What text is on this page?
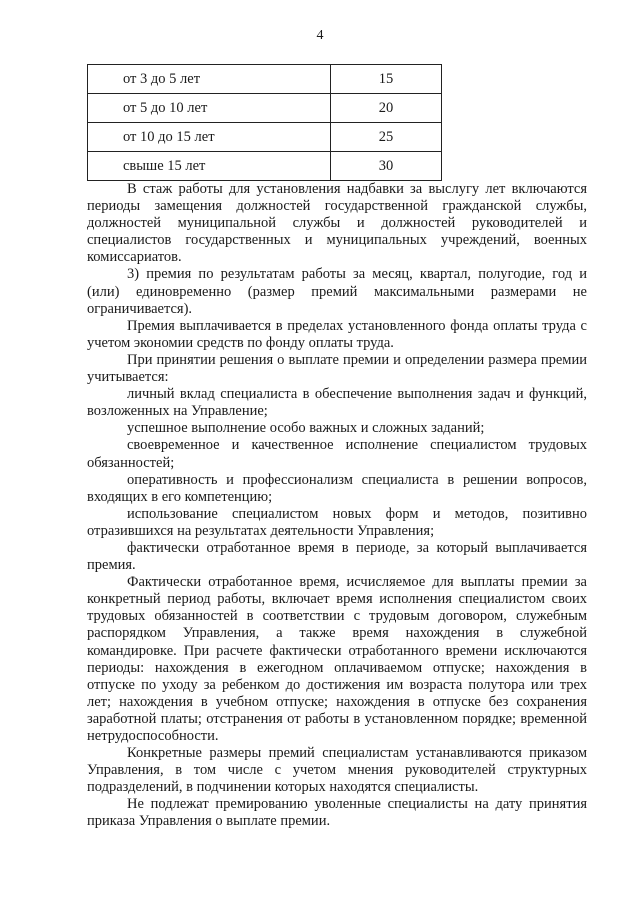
4
от 3 до 5 лет	15
от 5 до 10 лет	20
от 10 до 15 лет	25
свыше 15 лет	30

В стаж работы для установления надбавки за выслугу лет включаются периоды замещения должностей государственной гражданской службы, должностей муниципальной службы и должностей руководителей и специалистов государственных и муниципальных учреждений, военных комиссариатов.

3) премия по результатам работы за месяц, квартал, полугодие, год и (или) единовременно (размер премий максимальными размерами не ограничивается).

Премия выплачивается в пределах установленного фонда оплаты труда с учетом экономии средств по фонду оплаты труда.

При принятии решения о выплате премии и определении размера премии учитывается:

личный вклад специалиста в обеспечение выполнения задач и функций, возложенных на Управление;

успешное выполнение особо важных и сложных заданий;

своевременное и качественное исполнение специалистом трудовых обязанностей;

оперативность и профессионализм специалиста в решении вопросов, входящих в его компетенцию;

использование специалистом новых форм и методов, позитивно отразившихся на результатах деятельности Управления;

фактически отработанное время в периоде, за который выплачивается премия.

Фактически отработанное время, исчисляемое для выплаты премии за конкретный период работы, включает время исполнения специалистом своих трудовых обязанностей в соответствии с трудовым договором, служебным распорядком Управления, а также время нахождения в служебной командировке. При расчете фактически отработанного времени исключаются периоды: нахождения в ежегодном оплачиваемом отпуске; нахождения в отпуске по уходу за ребенком до достижения им возраста полутора или трех лет; нахождения в учебном отпуске; нахождения в отпуске без сохранения заработной платы; отстранения от работы в установленном порядке; временной нетрудоспособности.

Конкретные размеры премий специалистам устанавливаются приказом Управления, в том числе с учетом мнения руководителей структурных подразделений, в подчинении которых находятся специалисты.

Не подлежат премированию уволенные специалисты на дату принятия приказа Управления о выплате премии.
